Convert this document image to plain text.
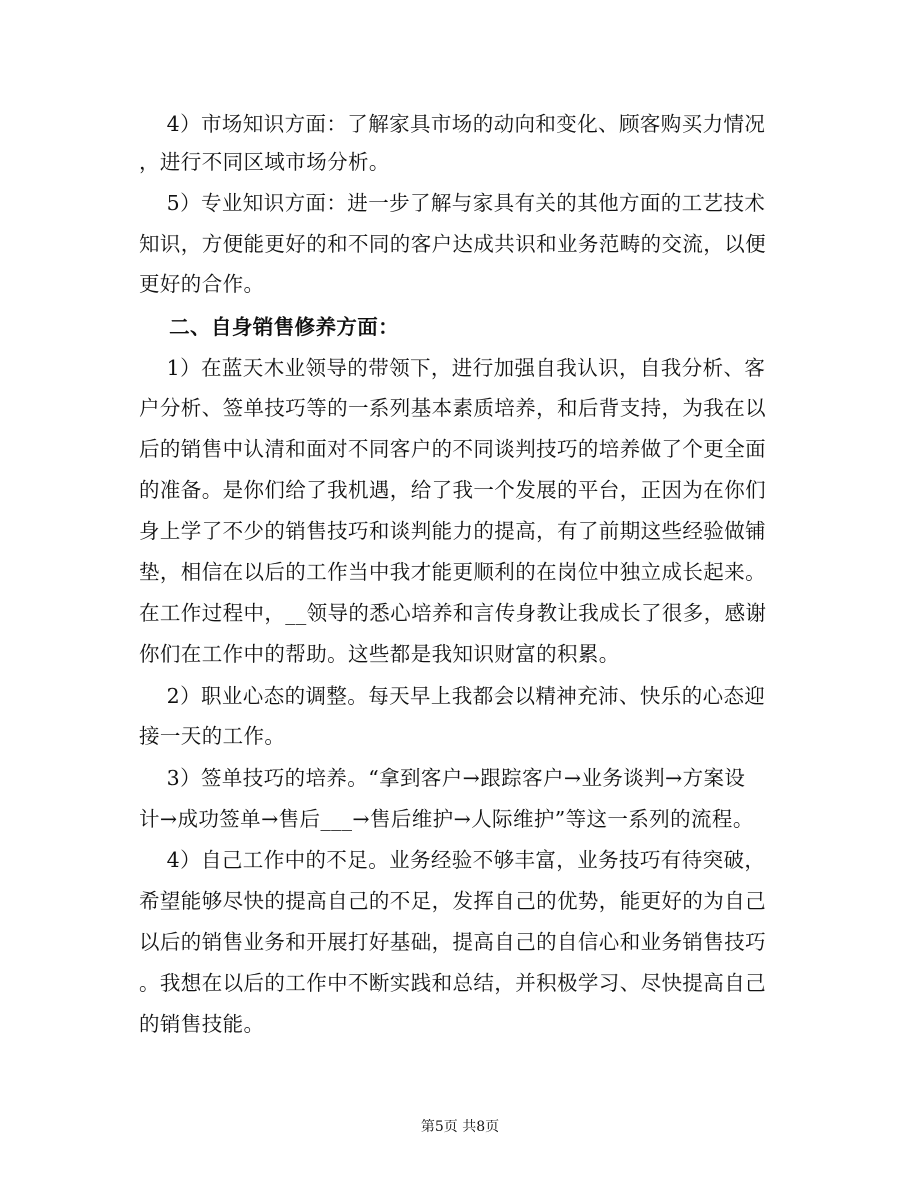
4）市场知识方面：了解家具市场的动向和变化、顾客购买力情况
，进行不同区域市场分析。
5）专业知识方面：进一步了解与家具有关的其他方面的工艺技术
知识，方便能更好的和不同的客户达成共识和业务范畴的交流，以便
更好的合作。
二、自身销售修养方面：
1）在蓝天木业领导的带领下，进行加强自我认识，自我分析、客
户分析、签单技巧等的一系列基本素质培养，和后背支持，为我在以
后的销售中认清和面对不同客户的不同谈判技巧的培养做了个更全面
的准备。是你们给了我机遇，给了我一个发展的平台，正因为在你们
身上学了不少的销售技巧和谈判能力的提高，有了前期这些经验做铺
垫，相信在以后的工作当中我才能更顺利的在岗位中独立成长起来。
在工作过程中，__领导的悉心培养和言传身教让我成长了很多，感谢
你们在工作中的帮助。这些都是我知识财富的积累。
2）职业心态的调整。每天早上我都会以精神充沛、快乐的心态迎
接一天的工作。
3）签单技巧的培养。“拿到客户→跟踪客户→业务谈判→方案设
计→成功签单→售后___→售后维护→人际维护”等这一系列的流程。
4）自己工作中的不足。业务经验不够丰富，业务技巧有待突破，
希望能够尽快的提高自己的不足，发挥自己的优势，能更好的为自己
以后的销售业务和开展打好基础，提高自己的自信心和业务销售技巧
。我想在以后的工作中不断实践和总结，并积极学习、尽快提高自己
的销售技能。
第5页 共8页
